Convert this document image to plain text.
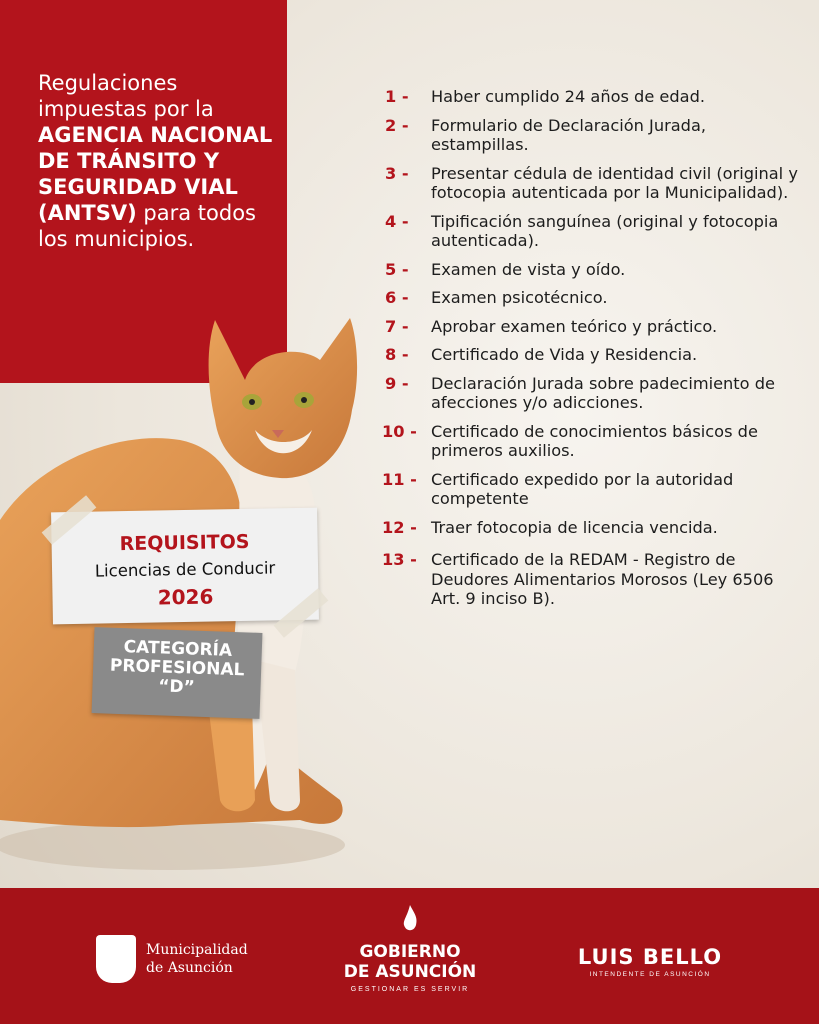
Regulaciones impuestas por la AGENCIA NACIONAL DE TRÁNSITO Y SEGURIDAD VIAL (ANTSV) para todos los municipios.
1 -	Haber cumplido 24 años de edad.
2 -	Formulario de Declaración Jurada, estampillas.
3 -	Presentar cédula de identidad civil (original y fotocopia autenticada por la Municipalidad).
4 -	Tipificación sanguínea (original y fotocopia autenticada).
5 -	Examen de vista y oído.
6 -	Examen psicotécnico.
7 -	Aprobar examen teórico y práctico.
8 -	Certificado de Vida y Residencia.
9 -	Declaración Jurada sobre padecimiento de afecciones y/o adicciones.
10 - Certificado de conocimientos básicos de primeros auxilios.
11 - Certificado expedido por la autoridad competente
12 - Traer fotocopia de licencia vencida.
13 - Certificado de la REDAM - Registro de Deudores Alimentarios Morosos (Ley 6506 Art. 9 inciso B).
REQUISITOS
Licencias de Conducir
2026
CATEGORÍA
PROFESIONAL
“D”
Municipalidad
de Asunción
GOBIERNO
DE ASUNCIÓN
GESTIONAR ES SERVIR
LUIS BELLO
INTENDENTE DE ASUNCIÓN
